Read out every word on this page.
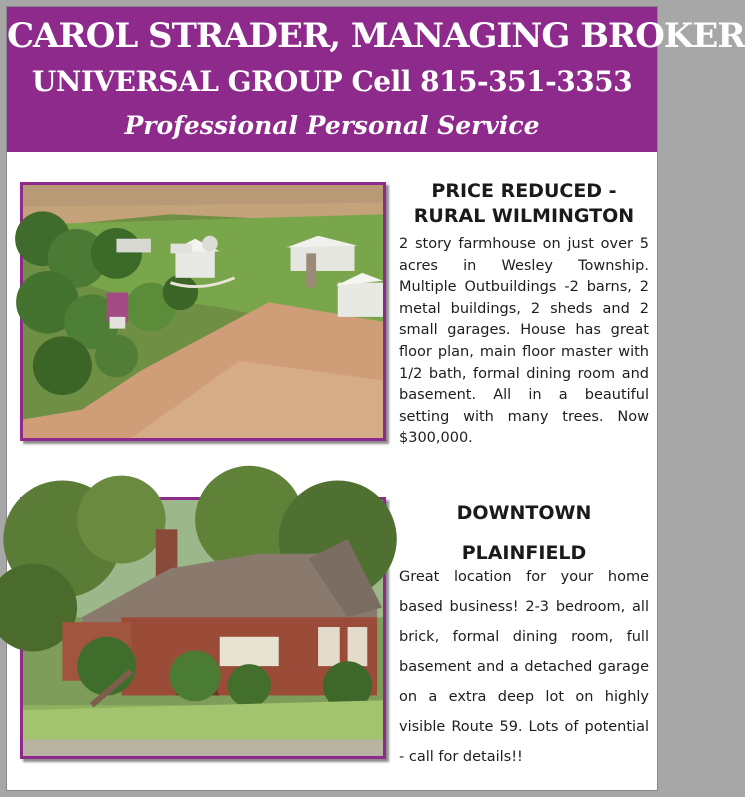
CAROL STRADER, MANAGING BROKER
UNIVERSAL GROUP Cell 815-351-3353
Professional Personal Service
PRICE REDUCED -
RURAL WILMINGTON
2 story farmhouse on just over 5 acres in Wesley Township. Multiple Outbuildings -2 barns, 2 metal buildings, 2 sheds and 2 small garages. House has great floor plan, main floor master with 1/2 bath, formal dining room and basement. All in a beautiful setting with many trees. Now $300,000.
DOWNTOWN
PLAINFIELD
Great location for your home based business! 2-3 bedroom, all brick, formal dining room, full basement and a detached garage on a extra deep lot on highly visible Route 59. Lots of potential - call for details!!
